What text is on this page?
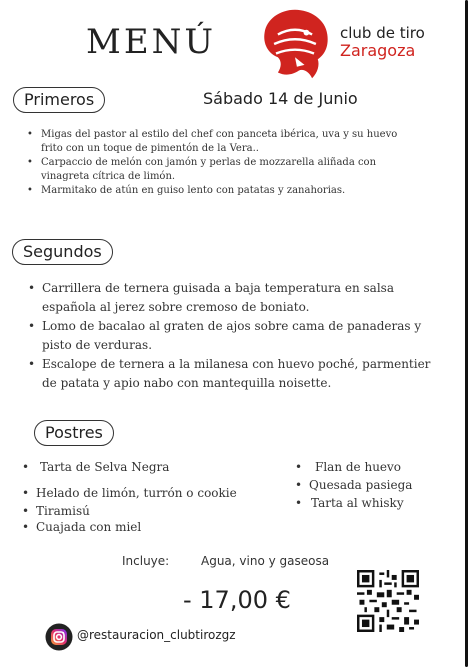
MENÚ	club de tiro
Zaragoza
Primeros	Sábado 14 de Junio
• Migas del pastor al estilo del chef con panceta ibérica, uva y su huevo frito con un toque de pimentón de la Vera..
• Carpaccio de melón con jamón y perlas de mozzarella aliñada con vinagreta cítrica de limón.
• Marmitako de atún en guiso lento con patatas y zanahorias.
Segundos
• Carrillera de ternera guisada a baja temperatura en salsa española al jerez sobre cremoso de boniato.
• Lomo de bacalao al graten de ajos sobre cama de panaderas y pisto de verduras.
• Escalope de ternera a la milanesa con huevo poché, parmentier de patata y apio nabo con mantequilla noisette.
Postres
• Tarta de Selva Negra
• Helado de limón, turrón o cookie
• Tiramisú
• Cuajada con miel
• Flan de huevo
• Quesada pasiega
• Tarta al whisky
Incluye:	Agua, vino y gaseosa
- 17,00 €
@restauracion_clubtirozgz
